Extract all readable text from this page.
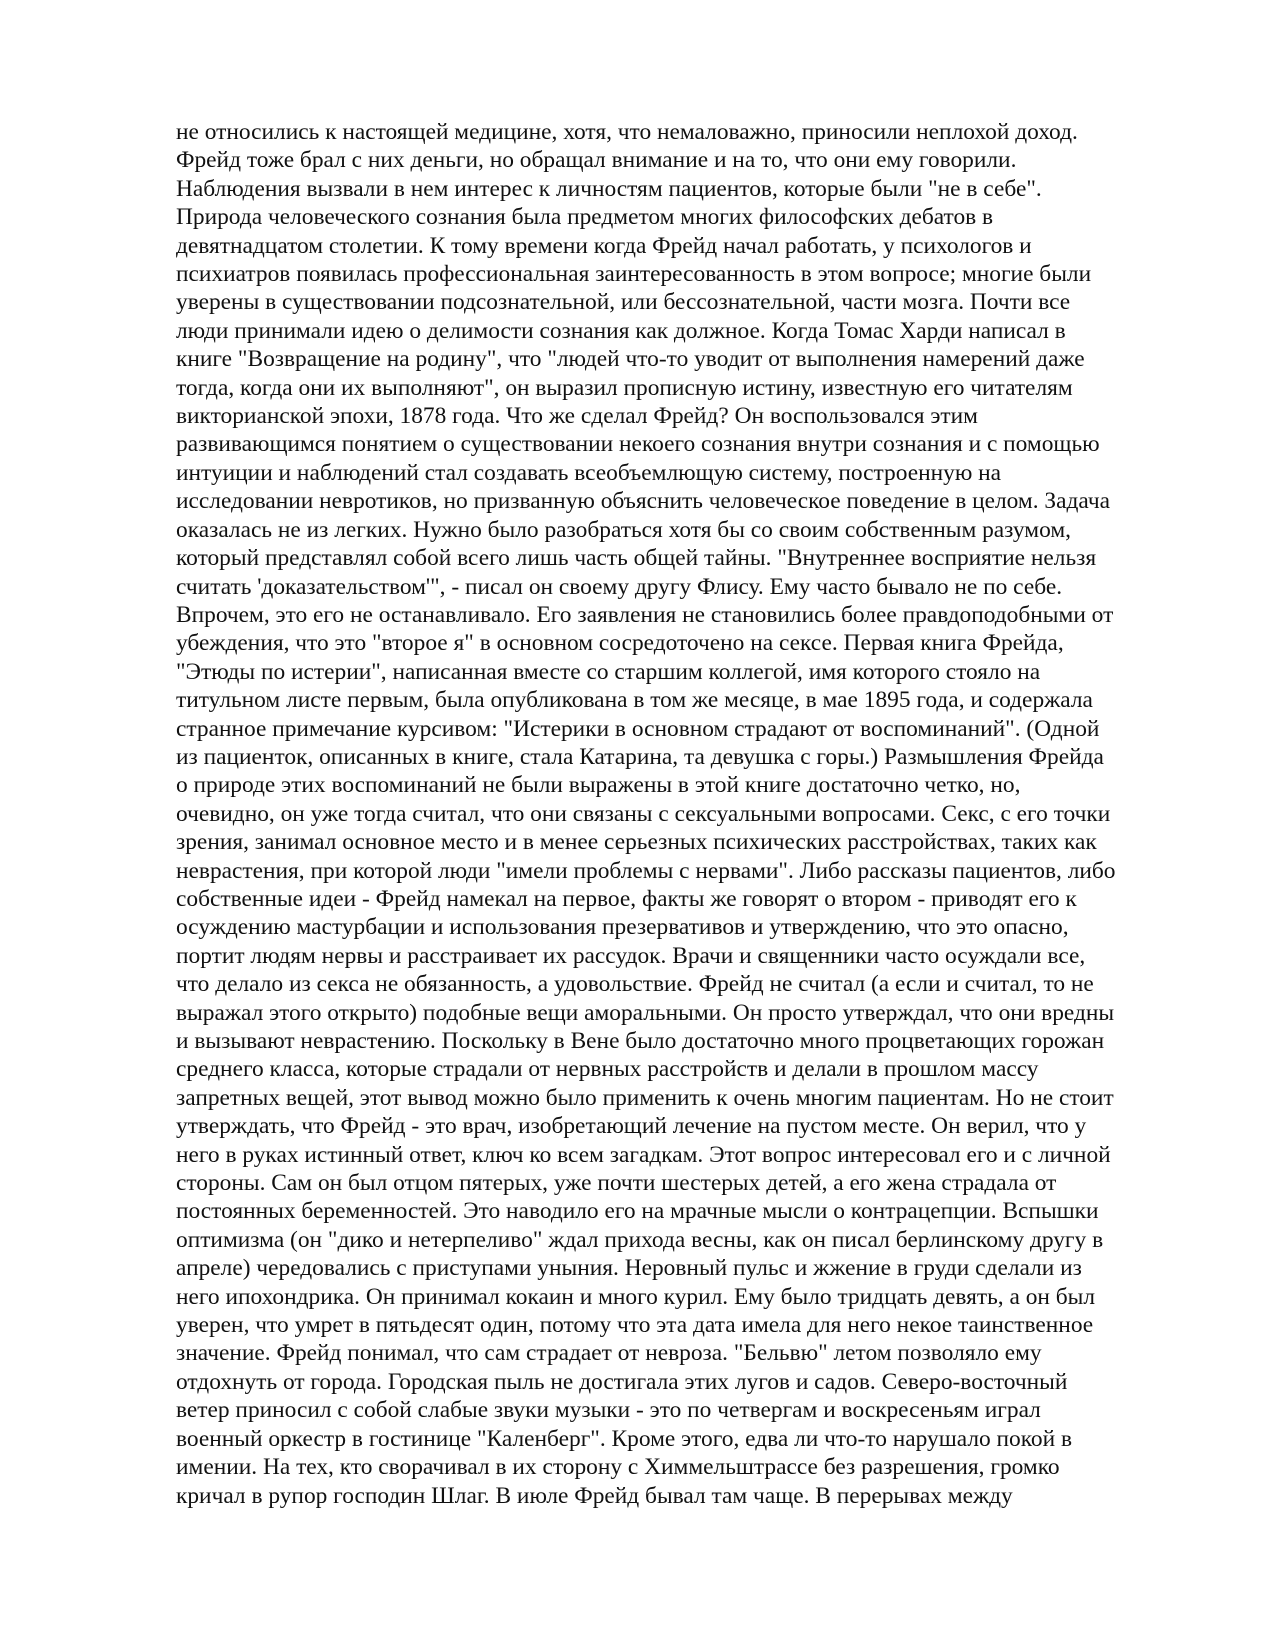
не относились к настоящей медицине, хотя, что немаловажно, приносили неплохой доход.
Фрейд тоже брал с них деньги, но обращал внимание и на то, что они ему говорили.
Наблюдения вызвали в нем интерес к личностям пациентов, которые были "не в себе".
Природа человеческого сознания была предметом многих философских дебатов в
девятнадцатом столетии. К тому времени когда Фрейд начал работать, у психологов и
психиатров появилась профессиональная заинтересованность в этом вопросе; многие были
уверены в существовании подсознательной, или бессознательной, части мозга. Почти все
люди принимали идею о делимости сознания как должное. Когда Томас Харди написал в
книге "Возвращение на родину", что "людей что-то уводит от выполнения намерений даже
тогда, когда они их выполняют", он выразил прописную истину, известную его читателям
викторианской эпохи, 1878 года. Что же сделал Фрейд? Он воспользовался этим
развивающимся понятием о существовании некоего сознания внутри сознания и с помощью
интуиции и наблюдений стал создавать всеобъемлющую систему, построенную на
исследовании невротиков, но призванную объяснить человеческое поведение в целом. Задача
оказалась не из легких. Нужно было разобраться хотя бы со своим собственным разумом,
который представлял собой всего лишь часть общей тайны. "Внутреннее восприятие нельзя
считать 'доказательством'", - писал он своему другу Флису. Ему часто бывало не по себе.
Впрочем, это его не останавливало. Его заявления не становились более правдоподобными от
убеждения, что это "второе я" в основном сосредоточено на сексе. Первая книга Фрейда,
"Этюды по истерии", написанная вместе со старшим коллегой, имя которого стояло на
титульном листе первым, была опубликована в том же месяце, в мае 1895 года, и содержала
странное примечание курсивом: "Истерики в основном страдают от воспоминаний". (Одной
из пациенток, описанных в книге, стала Катарина, та девушка с горы.) Размышления Фрейда
о природе этих воспоминаний не были выражены в этой книге достаточно четко, но,
очевидно, он уже тогда считал, что они связаны с сексуальными вопросами. Секс, с его точки
зрения, занимал основное место и в менее серьезных психических расстройствах, таких как
неврастения, при которой люди "имели проблемы с нервами". Либо рассказы пациентов, либо
собственные идеи - Фрейд намекал на первое, факты же говорят о втором - приводят его к
осуждению мастурбации и использования презервативов и утверждению, что это опасно,
портит людям нервы и расстраивает их рассудок. Врачи и священники часто осуждали все,
что делало из секса не обязанность, а удовольствие. Фрейд не считал (а если и считал, то не
выражал этого открыто) подобные вещи аморальными. Он просто утверждал, что они вредны
и вызывают неврастению. Поскольку в Вене было достаточно много процветающих горожан
среднего класса, которые страдали от нервных расстройств и делали в прошлом массу
запретных вещей, этот вывод можно было применить к очень многим пациентам. Но не стоит
утверждать, что Фрейд - это врач, изобретающий лечение на пустом месте. Он верил, что у
него в руках истинный ответ, ключ ко всем загадкам. Этот вопрос интересовал его и с личной
стороны. Сам он был отцом пятерых, уже почти шестерых детей, а его жена страдала от
постоянных беременностей. Это наводило его на мрачные мысли о контрацепции. Вспышки
оптимизма (он "дико и нетерпеливо" ждал прихода весны, как он писал берлинскому другу в
апреле) чередовались с приступами уныния. Неровный пульс и жжение в груди сделали из
него ипохондрика. Он принимал кокаин и много курил. Ему было тридцать девять, а он был
уверен, что умрет в пятьдесят один, потому что эта дата имела для него некое таинственное
значение. Фрейд понимал, что сам страдает от невроза. "Бельвю" летом позволяло ему
отдохнуть от города. Городская пыль не достигала этих лугов и садов. Северо-восточный
ветер приносил с собой слабые звуки музыки - это по четвергам и воскресеньям играл
военный оркестр в гостинице "Каленберг". Кроме этого, едва ли что-то нарушало покой в
имении. На тех, кто сворачивал в их сторону с Химмельштрассе без разрешения, громко
кричал в рупор господин Шлаг. В июле Фрейд бывал там чаще. В перерывах между
